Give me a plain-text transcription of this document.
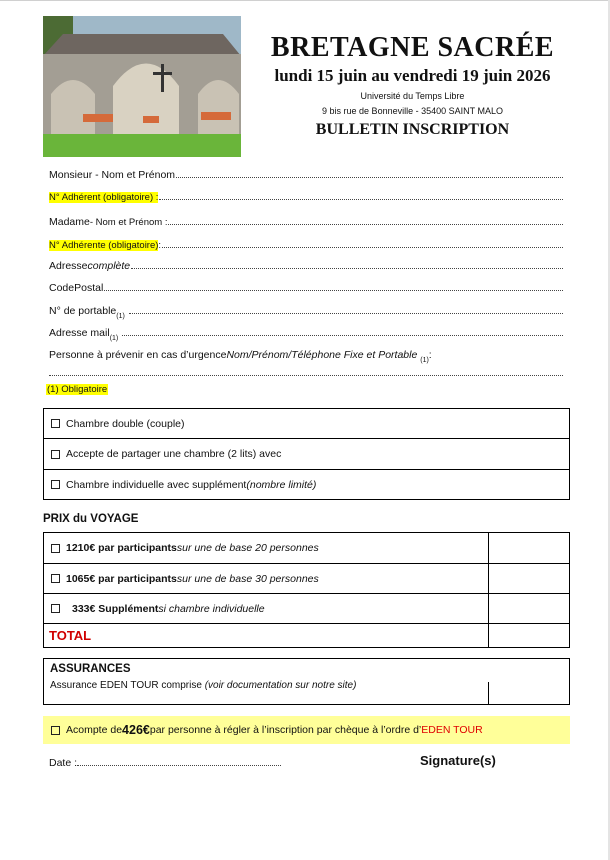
BRETAGNE SACRÉE
lundi 15 juin au vendredi 19 juin 2026
Université du Temps Libre
9 bis rue de Bonneville - 35400 SAINT MALO
BULLETIN INSCRIPTION
Monsieur - Nom et Prénom
N° Adhérent (obligatoire) :
Madame - Nom et Prénom :
N° Adhérente (obligatoire) :
Adresse complète
CodePostal
N° de portable (1)
Adresse mail (1)
Personne à prévenir en cas d’urgence Nom/Prénom/Téléphone Fixe et Portable
(1) :
(1) Obligatoire
Chambre double (couple)
Accepte de partager une chambre (2 lits) avec
Chambre individuelle avec supplément (nombre limité)
PRIX du VOYAGE
1210€ par participants sur une de base 20 personnes
1065€ par participants sur une de base 30 personnes
333€ Supplément si chambre individuelle
TOTAL
ASSURANCES
Assurance EDEN TOUR comprise (voir documentation sur notre site)
Acompte de 426€ par personne à régler à l’inscription par chèque à l’ordre d’ EDEN TOUR
Date :	Signature(s)
